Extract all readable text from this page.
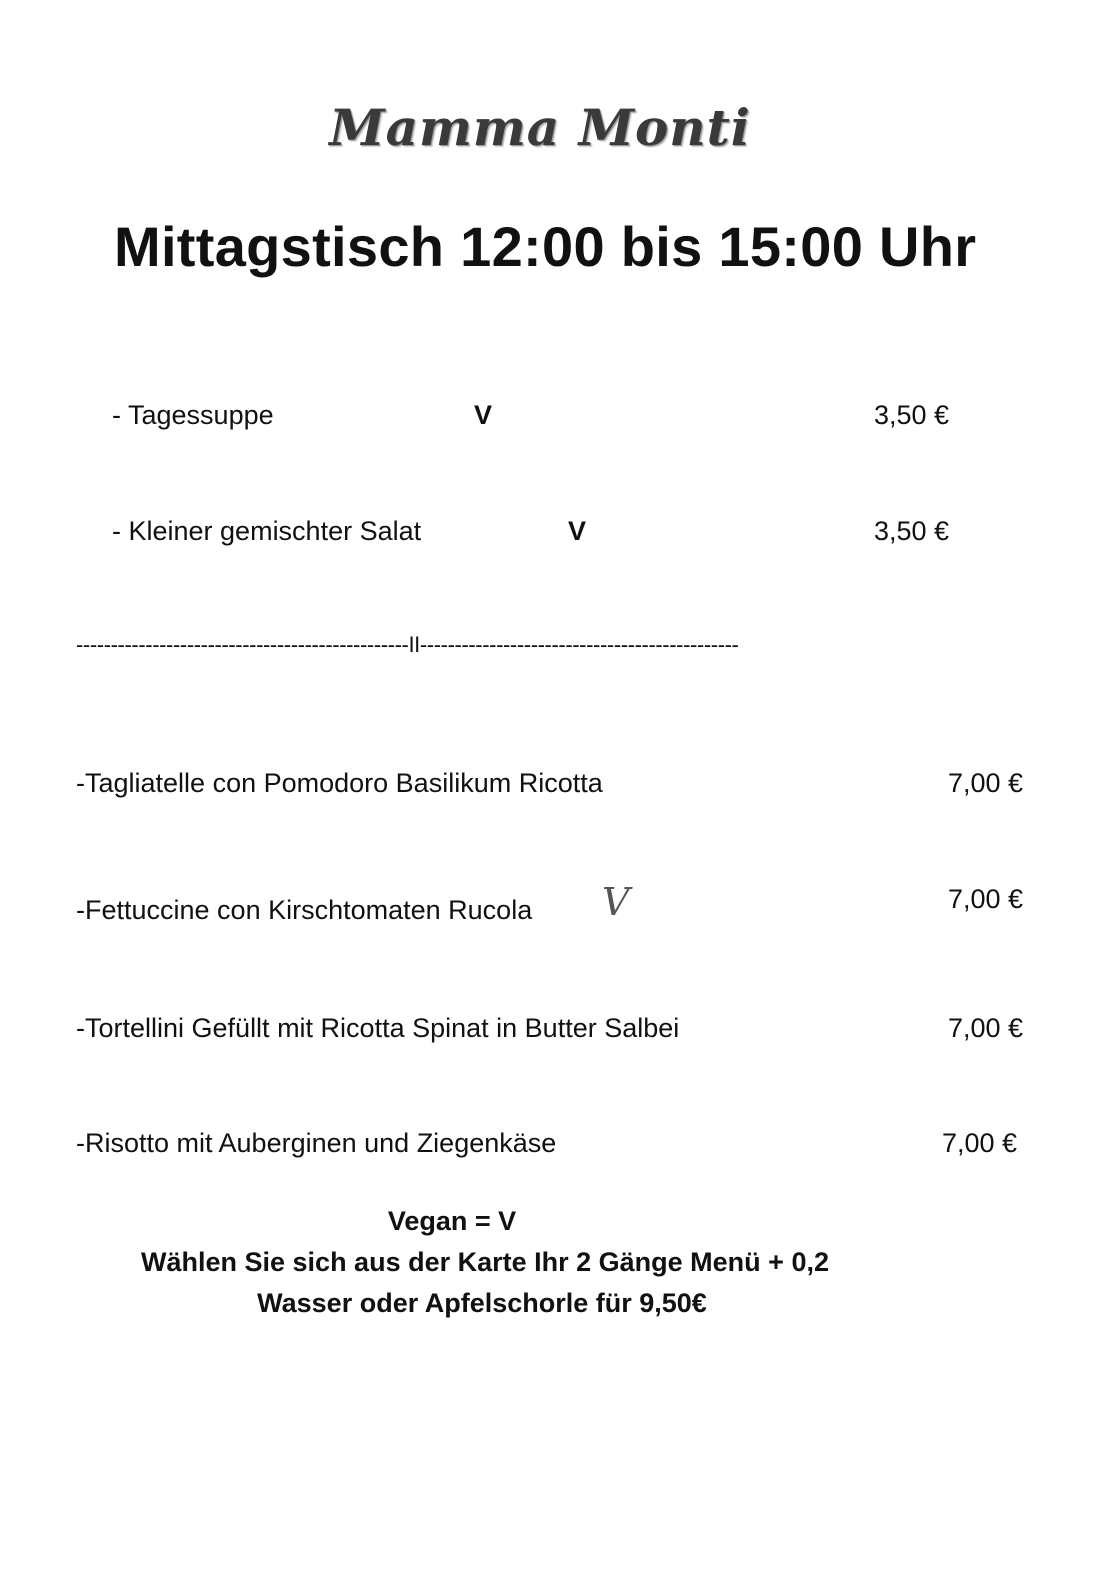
Mamma Monti
Mittagstisch 12:00 bis 15:00 Uhr
- Tagessuppe	V	3,50 €
- Kleiner gemischter Salat	V	3,50 €
------------------------------------------------II----------------------------------------------
-Tagliatelle con Pomodoro Basilikum Ricotta	7,00 €
-Fettuccine con Kirschtomaten Rucola V	7,00 €
-Tortellini Gefüllt mit Ricotta Spinat in Butter Salbei	7,00 €
-Risotto mit Auberginen und Ziegenkäse	7,00 €
Vegan = V
Wählen Sie sich aus der Karte Ihr 2 Gänge Menü + 0,2
Wasser oder Apfelschorle für 9,50€
